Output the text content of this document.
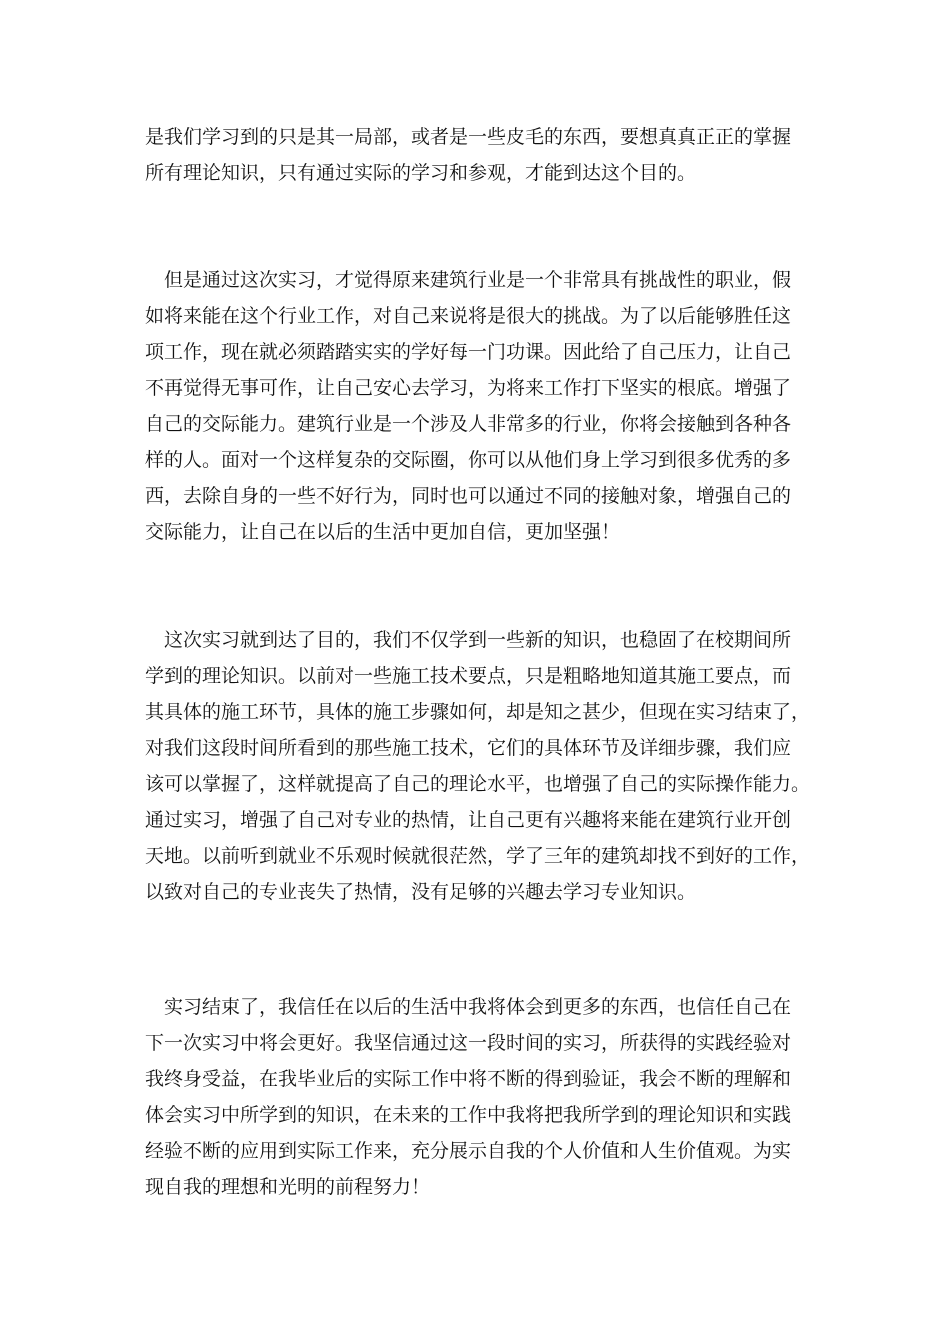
是我们学习到的只是其一局部，或者是一些皮毛的东西，要想真真正正的掌握
所有理论知识，只有通过实际的学习和参观，才能到达这个目的。
　但是通过这次实习，才觉得原来建筑行业是一个非常具有挑战性的职业，假
如将来能在这个行业工作，对自己来说将是很大的挑战。为了以后能够胜任这
项工作，现在就必须踏踏实实的学好每一门功课。因此给了自己压力，让自己
不再觉得无事可作，让自己安心去学习，为将来工作打下坚实的根底。增强了
自己的交际能力。建筑行业是一个涉及人非常多的行业，你将会接触到各种各
样的人。面对一个这样复杂的交际圈，你可以从他们身上学习到很多优秀的多
西，去除自身的一些不好行为，同时也可以通过不同的接触对象，增强自己的
交际能力，让自己在以后的生活中更加自信，更加坚强！
　这次实习就到达了目的，我们不仅学到一些新的知识，也稳固了在校期间所
学到的理论知识。以前对一些施工技术要点，只是粗略地知道其施工要点，而
其具体的施工环节，具体的施工步骤如何，却是知之甚少，但现在实习结束了，
对我们这段时间所看到的那些施工技术，它们的具体环节及详细步骤，我们应
该可以掌握了，这样就提高了自己的理论水平，也增强了自己的实际操作能力。
通过实习，增强了自己对专业的热情，让自己更有兴趣将来能在建筑行业开创
天地。以前听到就业不乐观时候就很茫然，学了三年的建筑却找不到好的工作，
以致对自己的专业丧失了热情，没有足够的兴趣去学习专业知识。
　实习结束了，我信任在以后的生活中我将体会到更多的东西，也信任自己在
下一次实习中将会更好。我坚信通过这一段时间的实习，所获得的实践经验对
我终身受益，在我毕业后的实际工作中将不断的得到验证，我会不断的理解和
体会实习中所学到的知识，在未来的工作中我将把我所学到的理论知识和实践
经验不断的应用到实际工作来，充分展示自我的个人价值和人生价值观。为实
现自我的理想和光明的前程努力！
